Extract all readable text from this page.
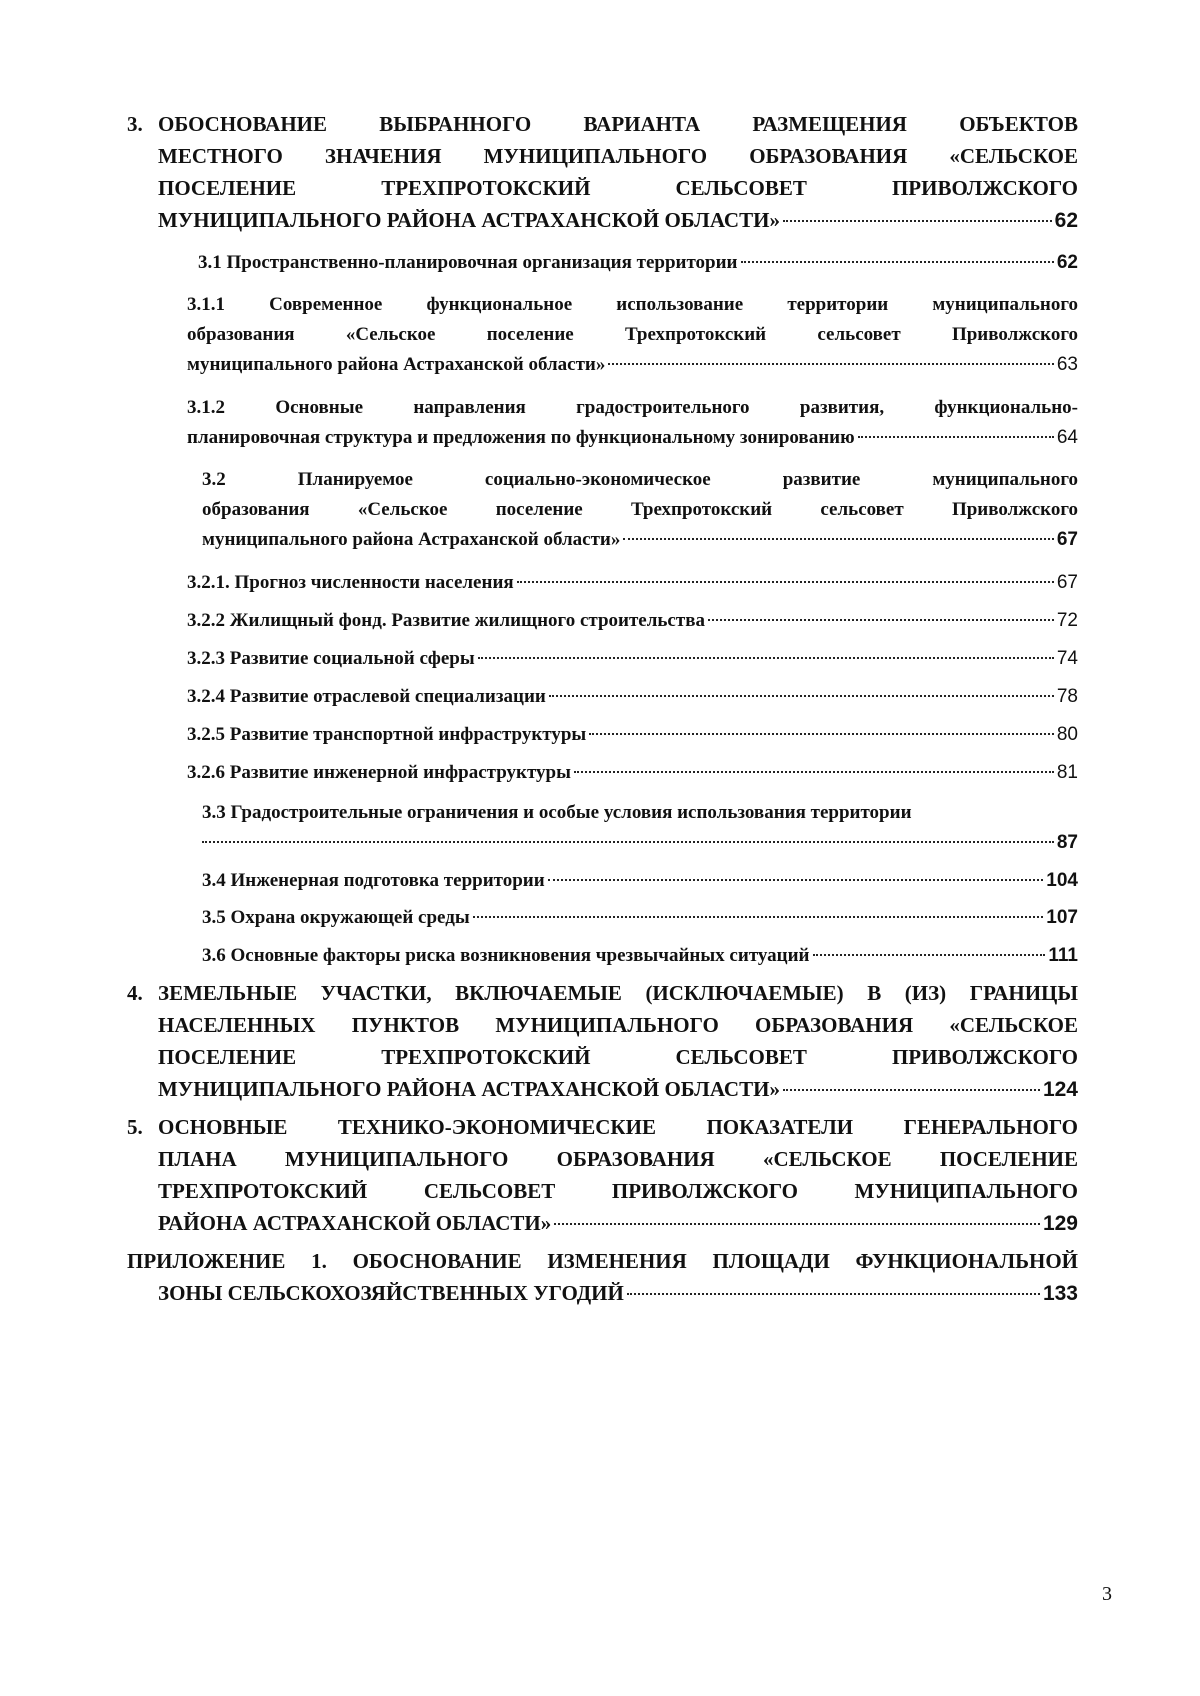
3. ОБОСНОВАНИЕ ВЫБРАННОГО ВАРИАНТА РАЗМЕЩЕНИЯ ОБЪЕКТОВ
МЕСТНОГО ЗНАЧЕНИЯ МУНИЦИПАЛЬНОГО ОБРАЗОВАНИЯ «СЕЛЬСКОЕ
ПОСЕЛЕНИЕ ТРЕХПРОТОКСКИЙ СЕЛЬСОВЕТ ПРИВОЛЖСКОГО
МУНИЦИПАЛЬНОГО РАЙОНА АСТРАХАНСКОЙ ОБЛАСТИ»	62
3.1 Пространственно-планировочная организация территории	62
3.1.1 Современное функциональное использование территории муниципального
образования «Сельское поселение Трехпротокский сельсовет Приволжского
муниципального района Астраханской области»	63
3.1.2 Основные направления градостроительного развития, функционально-
планировочная структура и предложения по функциональному зонированию	64
3.2 Планируемое социально-экономическое развитие муниципального
образования «Сельское поселение Трехпротокский сельсовет Приволжского
муниципального района Астраханской области»	67
3.2.1. Прогноз численности населения	67
3.2.2 Жилищный фонд. Развитие жилищного строительства	72
3.2.3 Развитие социальной сферы	74
3.2.4 Развитие отраслевой специализации	78
3.2.5 Развитие транспортной инфраструктуры	80
3.2.6 Развитие инженерной инфраструктуры	81
3.3 Градостроительные ограничения и особые условия использования территории
87
3.4 Инженерная подготовка территории	104
3.5 Охрана окружающей среды	107
3.6 Основные факторы риска возникновения чрезвычайных ситуаций	111
4. ЗЕМЕЛЬНЫЕ УЧАСТКИ, ВКЛЮЧАЕМЫЕ (ИСКЛЮЧАЕМЫЕ) В (ИЗ) ГРАНИЦЫ
НАСЕЛЕННЫХ ПУНКТОВ МУНИЦИПАЛЬНОГО ОБРАЗОВАНИЯ «СЕЛЬСКОЕ
ПОСЕЛЕНИЕ ТРЕХПРОТОКСКИЙ СЕЛЬСОВЕТ ПРИВОЛЖСКОГО
МУНИЦИПАЛЬНОГО РАЙОНА АСТРАХАНСКОЙ ОБЛАСТИ»	124
5. ОСНОВНЫЕ ТЕХНИКО-ЭКОНОМИЧЕСКИЕ ПОКАЗАТЕЛИ ГЕНЕРАЛЬНОГО
ПЛАНА МУНИЦИПАЛЬНОГО ОБРАЗОВАНИЯ «СЕЛЬСКОЕ ПОСЕЛЕНИЕ
ТРЕХПРОТОКСКИЙ СЕЛЬСОВЕТ ПРИВОЛЖСКОГО МУНИЦИПАЛЬНОГО
РАЙОНА АСТРАХАНСКОЙ ОБЛАСТИ»	129
ПРИЛОЖЕНИЕ 1. ОБОСНОВАНИЕ ИЗМЕНЕНИЯ ПЛОЩАДИ ФУНКЦИОНАЛЬНОЙ
ЗОНЫ СЕЛЬСКОХОЗЯЙСТВЕННЫХ УГОДИЙ	133
3
